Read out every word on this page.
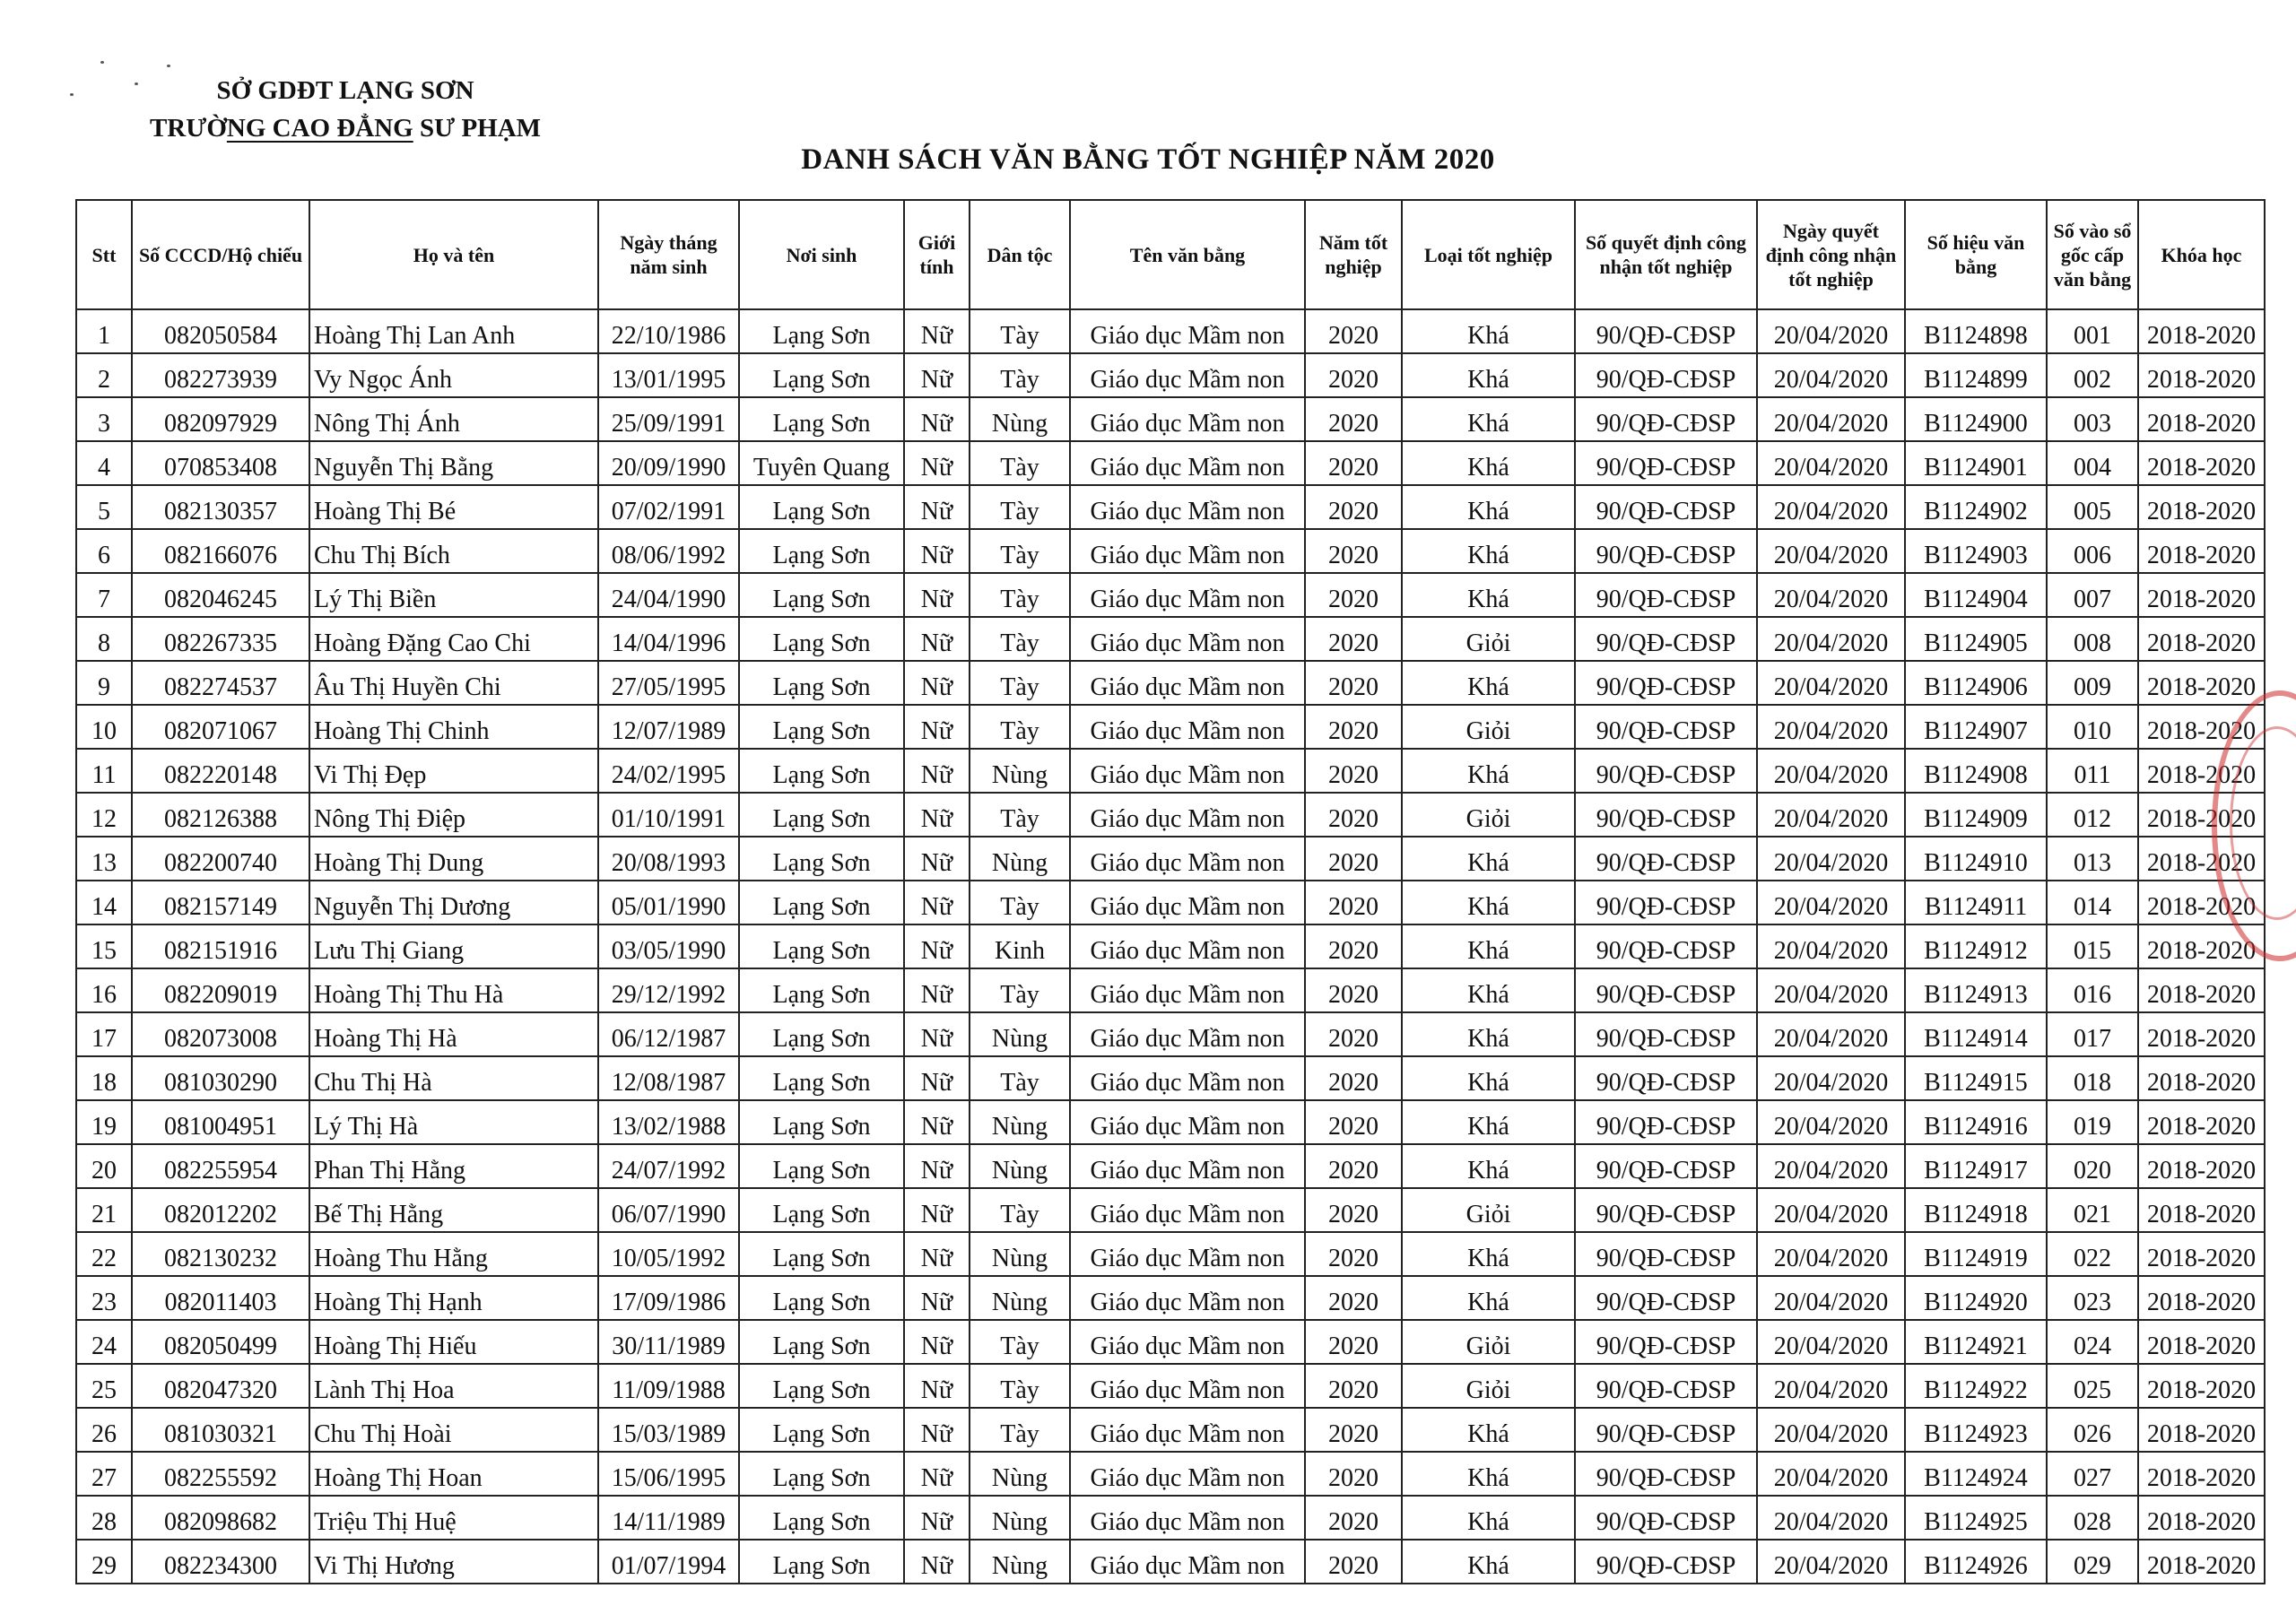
SỞ GDĐT LẠNG SƠN
TRƯỜNG CAO ĐẲNG SƯ PHẠM
DANH SÁCH VĂN BẰNG TỐT NGHIỆP NĂM 2020
Stt	Số CCCD/Hộ chiếu	Họ và tên	Ngày tháng năm sinh	Nơi sinh	Giới tính	Dân tộc	Tên văn bằng	Năm tốt nghiệp	Loại tốt nghiệp	Số quyết định công nhận tốt nghiệp	Ngày quyết định công nhận tốt nghiệp	Số hiệu văn bằng	Số vào sổ gốc cấp văn bằng	Khóa học
1	082050584	Hoàng Thị Lan Anh	22/10/1986	Lạng Sơn	Nữ	Tày	Giáo dục Mầm non	2020	Khá	90/QĐ-CĐSP	20/04/2020	B1124898	001	2018-2020
2	082273939	Vy Ngọc Ánh	13/01/1995	Lạng Sơn	Nữ	Tày	Giáo dục Mầm non	2020	Khá	90/QĐ-CĐSP	20/04/2020	B1124899	002	2018-2020
3	082097929	Nông Thị Ánh	25/09/1991	Lạng Sơn	Nữ	Nùng	Giáo dục Mầm non	2020	Khá	90/QĐ-CĐSP	20/04/2020	B1124900	003	2018-2020
4	070853408	Nguyễn Thị Bằng	20/09/1990	Tuyên Quang	Nữ	Tày	Giáo dục Mầm non	2020	Khá	90/QĐ-CĐSP	20/04/2020	B1124901	004	2018-2020
5	082130357	Hoàng Thị Bé	07/02/1991	Lạng Sơn	Nữ	Tày	Giáo dục Mầm non	2020	Khá	90/QĐ-CĐSP	20/04/2020	B1124902	005	2018-2020
6	082166076	Chu Thị Bích	08/06/1992	Lạng Sơn	Nữ	Tày	Giáo dục Mầm non	2020	Khá	90/QĐ-CĐSP	20/04/2020	B1124903	006	2018-2020
7	082046245	Lý Thị Biền	24/04/1990	Lạng Sơn	Nữ	Tày	Giáo dục Mầm non	2020	Khá	90/QĐ-CĐSP	20/04/2020	B1124904	007	2018-2020
8	082267335	Hoàng Đặng Cao Chi	14/04/1996	Lạng Sơn	Nữ	Tày	Giáo dục Mầm non	2020	Giỏi	90/QĐ-CĐSP	20/04/2020	B1124905	008	2018-2020
9	082274537	Âu Thị Huyền Chi	27/05/1995	Lạng Sơn	Nữ	Tày	Giáo dục Mầm non	2020	Khá	90/QĐ-CĐSP	20/04/2020	B1124906	009	2018-2020
10	082071067	Hoàng Thị Chinh	12/07/1989	Lạng Sơn	Nữ	Tày	Giáo dục Mầm non	2020	Giỏi	90/QĐ-CĐSP	20/04/2020	B1124907	010	2018-2020
11	082220148	Vi Thị Đẹp	24/02/1995	Lạng Sơn	Nữ	Nùng	Giáo dục Mầm non	2020	Khá	90/QĐ-CĐSP	20/04/2020	B1124908	011	2018-2020
12	082126388	Nông Thị Điệp	01/10/1991	Lạng Sơn	Nữ	Tày	Giáo dục Mầm non	2020	Giỏi	90/QĐ-CĐSP	20/04/2020	B1124909	012	2018-2020
13	082200740	Hoàng Thị Dung	20/08/1993	Lạng Sơn	Nữ	Nùng	Giáo dục Mầm non	2020	Khá	90/QĐ-CĐSP	20/04/2020	B1124910	013	2018-2020
14	082157149	Nguyễn Thị Dương	05/01/1990	Lạng Sơn	Nữ	Tày	Giáo dục Mầm non	2020	Khá	90/QĐ-CĐSP	20/04/2020	B1124911	014	2018-2020
15	082151916	Lưu Thị Giang	03/05/1990	Lạng Sơn	Nữ	Kinh	Giáo dục Mầm non	2020	Khá	90/QĐ-CĐSP	20/04/2020	B1124912	015	2018-2020
16	082209019	Hoàng Thị Thu Hà	29/12/1992	Lạng Sơn	Nữ	Tày	Giáo dục Mầm non	2020	Khá	90/QĐ-CĐSP	20/04/2020	B1124913	016	2018-2020
17	082073008	Hoàng Thị Hà	06/12/1987	Lạng Sơn	Nữ	Nùng	Giáo dục Mầm non	2020	Khá	90/QĐ-CĐSP	20/04/2020	B1124914	017	2018-2020
18	081030290	Chu Thị Hà	12/08/1987	Lạng Sơn	Nữ	Tày	Giáo dục Mầm non	2020	Khá	90/QĐ-CĐSP	20/04/2020	B1124915	018	2018-2020
19	081004951	Lý Thị Hà	13/02/1988	Lạng Sơn	Nữ	Nùng	Giáo dục Mầm non	2020	Khá	90/QĐ-CĐSP	20/04/2020	B1124916	019	2018-2020
20	082255954	Phan Thị Hằng	24/07/1992	Lạng Sơn	Nữ	Nùng	Giáo dục Mầm non	2020	Khá	90/QĐ-CĐSP	20/04/2020	B1124917	020	2018-2020
21	082012202	Bế Thị Hằng	06/07/1990	Lạng Sơn	Nữ	Tày	Giáo dục Mầm non	2020	Giỏi	90/QĐ-CĐSP	20/04/2020	B1124918	021	2018-2020
22	082130232	Hoàng Thu Hằng	10/05/1992	Lạng Sơn	Nữ	Nùng	Giáo dục Mầm non	2020	Khá	90/QĐ-CĐSP	20/04/2020	B1124919	022	2018-2020
23	082011403	Hoàng Thị Hạnh	17/09/1986	Lạng Sơn	Nữ	Nùng	Giáo dục Mầm non	2020	Khá	90/QĐ-CĐSP	20/04/2020	B1124920	023	2018-2020
24	082050499	Hoàng Thị Hiếu	30/11/1989	Lạng Sơn	Nữ	Tày	Giáo dục Mầm non	2020	Giỏi	90/QĐ-CĐSP	20/04/2020	B1124921	024	2018-2020
25	082047320	Lành Thị Hoa	11/09/1988	Lạng Sơn	Nữ	Tày	Giáo dục Mầm non	2020	Giỏi	90/QĐ-CĐSP	20/04/2020	B1124922	025	2018-2020
26	081030321	Chu Thị Hoài	15/03/1989	Lạng Sơn	Nữ	Tày	Giáo dục Mầm non	2020	Khá	90/QĐ-CĐSP	20/04/2020	B1124923	026	2018-2020
27	082255592	Hoàng Thị Hoan	15/06/1995	Lạng Sơn	Nữ	Nùng	Giáo dục Mầm non	2020	Khá	90/QĐ-CĐSP	20/04/2020	B1124924	027	2018-2020
28	082098682	Triệu Thị Huệ	14/11/1989	Lạng Sơn	Nữ	Nùng	Giáo dục Mầm non	2020	Khá	90/QĐ-CĐSP	20/04/2020	B1124925	028	2018-2020
29	082234300	Vi Thị Hương	01/07/1994	Lạng Sơn	Nữ	Nùng	Giáo dục Mầm non	2020	Khá	90/QĐ-CĐSP	20/04/2020	B1124926	029	2018-2020
